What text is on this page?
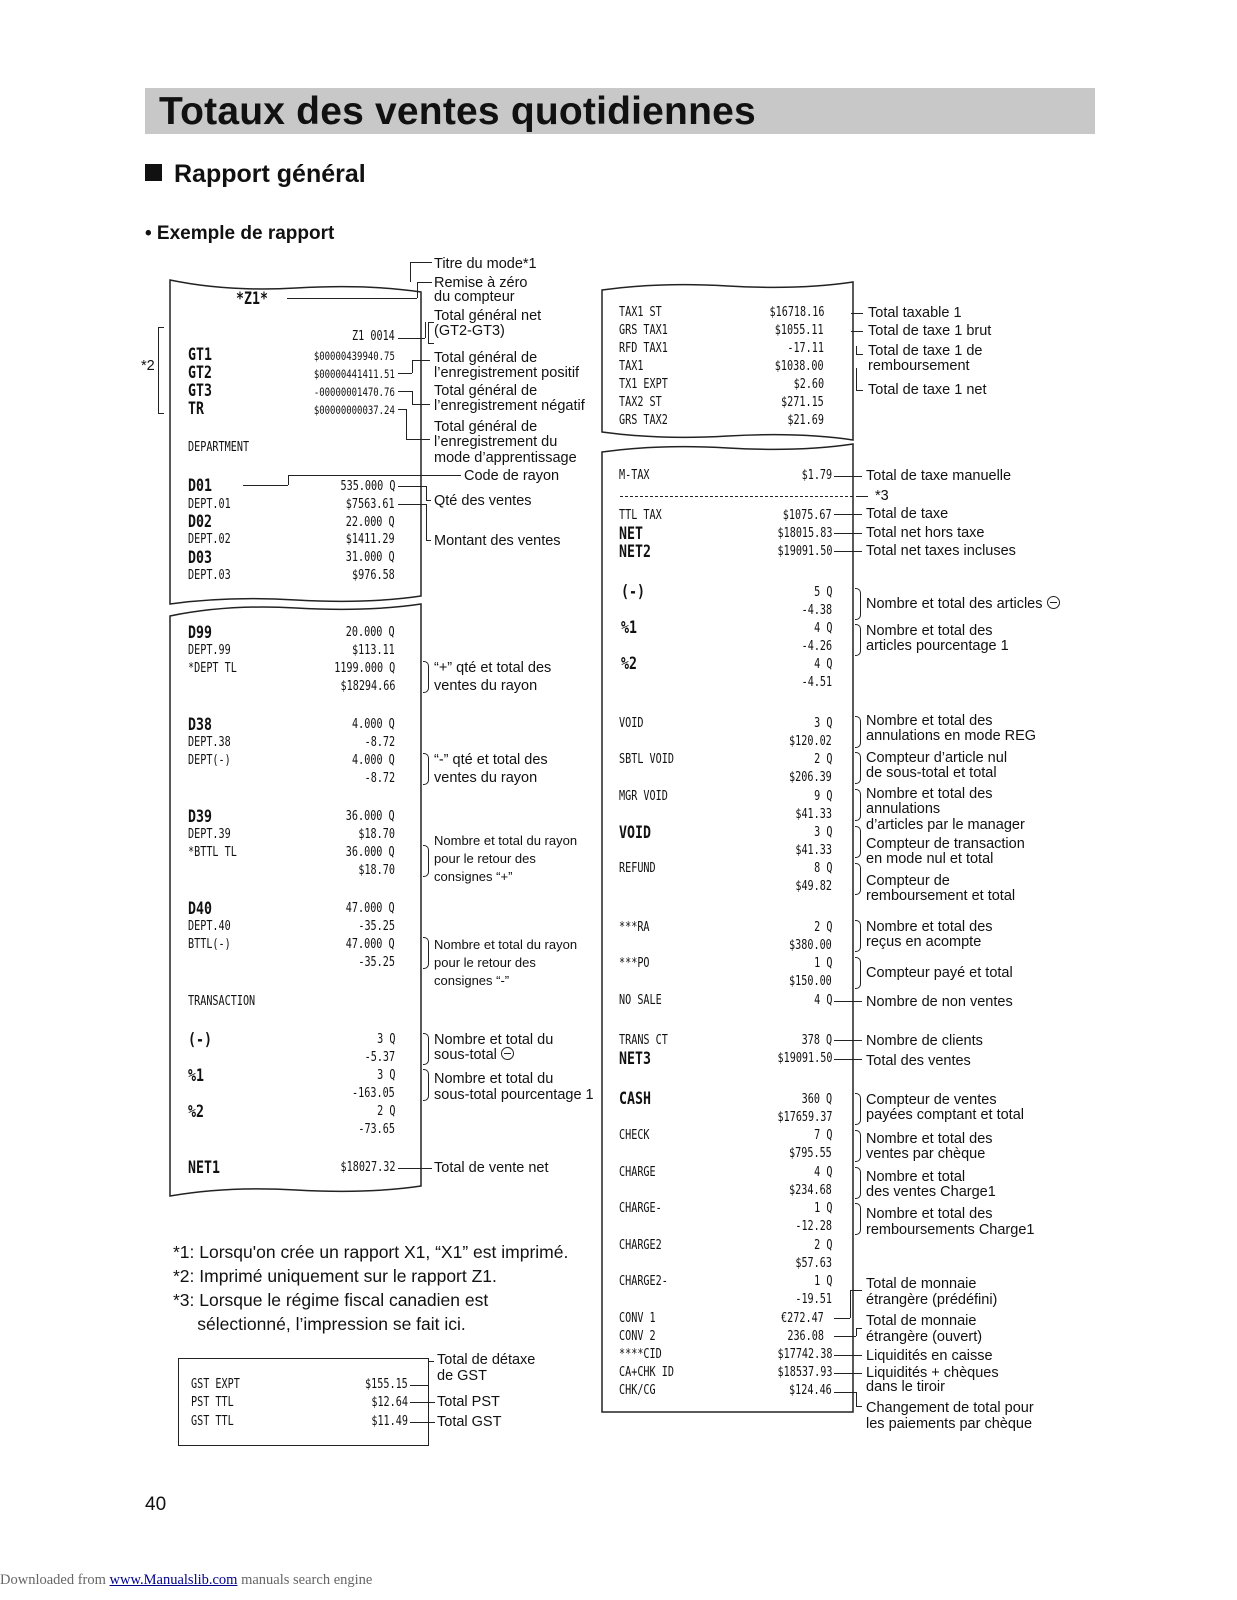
Totaux des ventes quotidiennes
Rapport général
• Exemple de rapport
*Z1*
Z1 0014
GT1	$00000439940.75
GT2	$00000441411.51
GT3	-00000001470.76
TR	$00000000037.24
DEPARTMENT
D01	535.000 Q
DEPT.01	$7563.61
D02	22.000 Q
DEPT.02	$1411.29
D03	31.000 Q
DEPT.03	$976.58
D99	20.000 Q
DEPT.99	$113.11
*DEPT TL	1199.000 Q
$18294.66
D38	4.000 Q
DEPT.38	-8.72
DEPT(-)	4.000 Q
-8.72
D39	36.000 Q
DEPT.39	$18.70
*BTTL TL	36.000 Q
$18.70
D40	47.000 Q
DEPT.40	-35.25
BTTL(-)	47.000 Q
-35.25
TRANSACTION
(-)	3 Q
-5.37
%1	3 Q
-163.05
%2	2 Q
-73.65
NET1	$18027.32
*2
Titre du mode*1
Remise à zéro
du compteur
Total général net
(GT2-GT3)
Total général de
l’enregistrement positif
Total général de
l’enregistrement négatif
Total général de
l’enregistrement du
mode d’apprentissage
Code de rayon
Qté des ventes
Montant des ventes
“+” qté et total des
ventes du rayon
“-” qté et total des
ventes du rayon
Nombre et total du rayon
pour le retour des
consignes “+”
Nombre et total du rayon
pour le retour des
consignes “-”
Nombre et total du
sous-total
Nombre et total du
sous-total pourcentage 1
Total de vente net
*1: Lorsqu'on crée un rapport X1, “X1” est imprimé.
*2: Imprimé uniquement sur le rapport Z1.
*3: Lorsque le régime fiscal canadien est
sélectionné, l’impression se fait ici.
GST EXPT	$155.15
PST TTL	$12.64
GST TTL	$11.49
Total de détaxe
de GST
Total PST
Total GST
TAX1 ST	$16718.16
GRS TAX1	$1055.11
RFD TAX1	-17.11
TAX1	$1038.00
TX1 EXPT	$2.60
TAX2 ST	$271.15
GRS TAX2	$21.69
Total taxable 1
Total de taxe 1 brut
Total de taxe 1 de
remboursement
Total de taxe 1 net
*3
M-TAX	$1.79
TTL TAX	$1075.67
NET	$18015.83
NET2	$19091.50
(-)	5 Q
-4.38
%1	4 Q
-4.26
%2	4 Q
-4.51
VOID	3 Q
$120.02
SBTL VOID	2 Q
$206.39
MGR VOID	9 Q
$41.33
VOID	3 Q
$41.33
REFUND	8 Q
$49.82
***RA	2 Q
$380.00
***PO	1 Q
$150.00
NO SALE	4 Q
TRANS CT	378 Q
NET3	$19091.50
CASH	360 Q
$17659.37
CHECK	7 Q
$795.55
CHARGE	4 Q
$234.68
CHARGE-	1 Q
-12.28
CHARGE2	2 Q
$57.63
CHARGE2-	1 Q
-19.51
CONV 1	€272.47
CONV 2	236.08
****CID	$17742.38
CA+CHK ID	$18537.93
CHK/CG	$124.46
Total de taxe manuelle
Total de taxe
Total net hors taxe
Total net taxes incluses
Nombre et total des articles
Nombre et total des
articles pourcentage 1
Nombre et total des
annulations en mode REG
Compteur d’article nul
de sous-total et total
Nombre et total des
annulations
d’articles par le manager
Compteur de transaction
en mode nul et total
Compteur de
remboursement et total
Nombre et total des
reçus en acompte
Compteur payé et total
Nombre de non ventes
Nombre de clients
Total des ventes
Compteur de ventes
payées comptant et total
Nombre et total des
ventes par chèque
Nombre et total
des ventes Charge1
Nombre et total des
remboursements Charge1
Total de monnaie
étrangère (prédéfini)
Total de monnaie
étrangère (ouvert)
Liquidités en caisse
Liquidités + chèques
dans le tiroir
Changement de total pour
les paiements par chèque
40
Downloaded from www.Manualslib.com manuals search engine
